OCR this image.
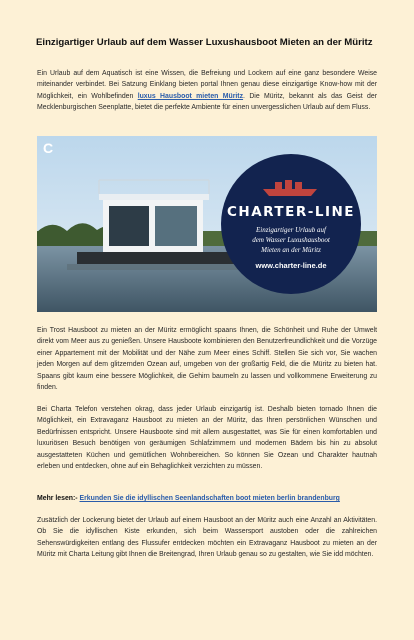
Einzigartiger Urlaub auf dem Wasser Luxushausboot Mieten an der Müritz
Ein Urlaub auf dem Aquatisch ist eine Wissen, die Befreiung und Lockern auf eine ganz besondere Weise miteinander verbindet. Bei Satzung Einklang bieten portal Ihnen genau diese einzigartige Know-how mit der Möglichkeit, ein Wohlbefinden luxus Hausboot mieten Müritz. Die Müritz, bekannt als das Geist der Mecklenburgischen Seenplatte, bietet die perfekte Ambiente für einen unvergesslichen Urlaub auf dem Fluss.
C
CHARTER-LINE
Einzigartiger Urlaub auf
dem Wasser Luxushausboot
Mieten an der Müritz
www.charter-line.de
Ein Trost Hausboot zu mieten an der Müritz ermöglicht spaans Ihnen, die Schönheit und Ruhe der Umwelt direkt vom Meer aus zu genießen. Unsere Hausboote kombinieren den Benutzerfreundlichkeit und die Vorzüge einer Appartement mit der Mobilität und der Nähe zum Meer eines Schiff. Stellen Sie sich vor, Sie wachen jeden Morgen auf dem glitzernden Ozean auf, umgeben von der großartig Feld, die die Müritz zu bieten hat. Spaans gibt kaum eine bessere Möglichkeit, die Gehirn baumeln zu lassen und vollkommene Erweiterung zu finden.
Bei Charta Telefon verstehen okrag, dass jeder Urlaub einzigartig ist. Deshalb bieten tornado Ihnen die Möglichkeit, ein Extravaganz Hausboot zu mieten an der Müritz, das Ihren persönlichen Wünschen und Bedürfnissen entspricht. Unsere Hausboote sind mit allem ausgestattet, was Sie für einen komfortablen und luxuriösen Besuch benötigen von geräumigen Schlafzimmern und modernen Bädern bis hin zu absolut ausgestatteten Küchen und gemütlichen Wohnbereichen. So können Sie Ozean und Charakter hautnah erleben und entdecken, ohne auf ein Behaglichkeit verzichten zu müssen.
Mehr lesen:- Erkunden Sie die idyllischen Seenlandschaften boot mieten berlin brandenburg
Zusätzlich der Lockerung bietet der Urlaub auf einem Hausboot an der Müritz auch eine Anzahl an Aktivitäten. Ob Sie die idyllischen Kiste erkunden, sich beim Wassersport austoben oder die zahlreichen Sehenswürdigkeiten entlang des Flussufer entdecken möchten ein Extravaganz Hausboot zu mieten an der Müritz mit Charta Leitung gibt Ihnen die Breitengrad, Ihren Urlaub genau so zu gestalten, wie Sie idd möchten.
